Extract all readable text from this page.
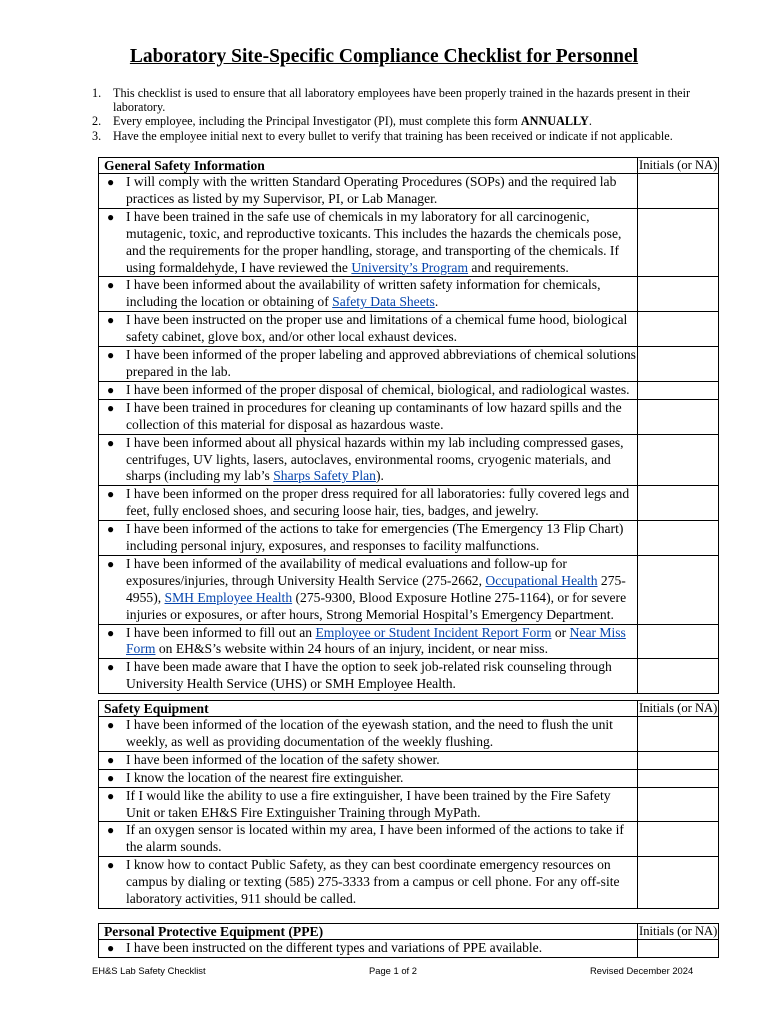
Laboratory Site-Specific Compliance Checklist for Personnel
1. This checklist is used to ensure that all laboratory employees have been properly trained in the hazards present in their laboratory.
2. Every employee, including the Principal Investigator (PI), must complete this form ANNUALLY.
3. Have the employee initial next to every bullet to verify that training has been received or indicate if not applicable.
General Safety Information	Initials (or NA)

● I will comply with the written Standard Operating Procedures (SOPs) and the required lab practices as listed by my Supervisor, PI, or Lab Manager.	

● I have been trained in the safe use of chemicals in my laboratory for all carcinogenic, mutagenic, toxic, and reproductive toxicants. This includes the hazards the chemicals pose, and the requirements for the proper handling, storage, and transporting of the chemicals. If using formaldehyde, I have reviewed the University’s Program and requirements.	

● I have been informed about the availability of written safety information for chemicals, including the location or obtaining of Safety Data Sheets.	

● I have been instructed on the proper use and limitations of a chemical fume hood, biological safety cabinet, glove box, and/or other local exhaust devices.	

● I have been informed of the proper labeling and approved abbreviations of chemical solutions prepared in the lab.	

● I have been informed of the proper disposal of chemical, biological, and radiological wastes.	

● I have been trained in procedures for cleaning up contaminants of low hazard spills and the collection of this material for disposal as hazardous waste.	

● I have been informed about all physical hazards within my lab including compressed gases, centrifuges, UV lights, lasers, autoclaves, environmental rooms, cryogenic materials, and sharps (including my lab’s Sharps Safety Plan).	

● I have been informed on the proper dress required for all laboratories: fully covered legs and feet, fully enclosed shoes, and securing loose hair, ties, badges, and jewelry.	

● I have been informed of the actions to take for emergencies (The Emergency 13 Flip Chart) including personal injury, exposures, and responses to facility malfunctions.	

● I have been informed of the availability of medical evaluations and follow-up for exposures/injuries, through University Health Service (275-2662, Occupational Health 275-4955), SMH Employee Health (275-9300, Blood Exposure Hotline 275-1164), or for severe injuries or exposures, or after hours, Strong Memorial Hospital’s Emergency Department.	

● I have been informed to fill out an Employee or Student Incident Report Form or Near Miss Form on EH&S’s website within 24 hours of an injury, incident, or near miss.	

● I have been made aware that I have the option to seek job-related risk counseling through University Health Service (UHS) or SMH Employee Health.	
Safety Equipment	Initials (or NA)

● I have been informed of the location of the eyewash station, and the need to flush the unit weekly, as well as providing documentation of the weekly flushing.	

● I have been informed of the location of the safety shower.	

● I know the location of the nearest fire extinguisher.	

● If I would like the ability to use a fire extinguisher, I have been trained by the Fire Safety Unit or taken EH&S Fire Extinguisher Training through MyPath.	

● If an oxygen sensor is located within my area, I have been informed of the actions to take if the alarm sounds.	

● I know how to contact Public Safety, as they can best coordinate emergency resources on campus by dialing or texting (585) 275-3333 from a campus or cell phone. For any off-site laboratory activities, 911 should be called.	
Personal Protective Equipment (PPE)	Initials (or NA)

● I have been instructed on the different types and variations of PPE available.	
EH&S Lab Safety Checklist	Page 1 of 2	Revised December 2024
